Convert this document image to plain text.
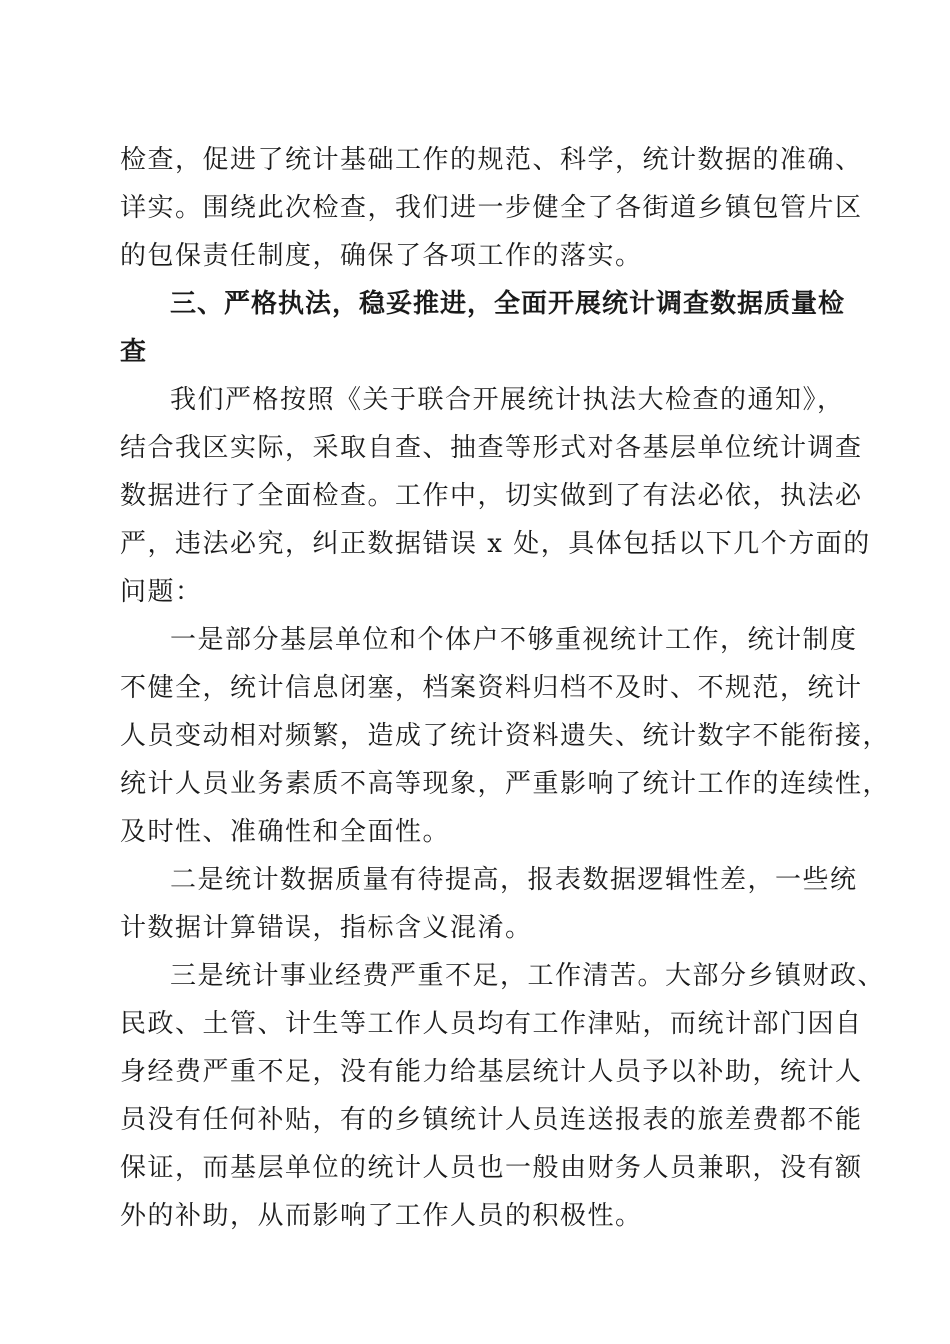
检查，促进了统计基础工作的规范、科学，统计数据的准确、
详实。围绕此次检查，我们进一步健全了各街道乡镇包管片区
的包保责任制度，确保了各项工作的落实。
三、严格执法，稳妥推进，全面开展统计调查数据质量检
查
我们严格按照《关于联合开展统计执法大检查的通知》，
结合我区实际，采取自查、抽查等形式对各基层单位统计调查
数据进行了全面检查。工作中，切实做到了有法必依，执法必
严，违法必究，纠正数据错误 x 处，具体包括以下几个方面的
问题：
一是部分基层单位和个体户不够重视统计工作，统计制度
不健全，统计信息闭塞，档案资料归档不及时、不规范，统计
人员变动相对频繁，造成了统计资料遗失、统计数字不能衔接，
统计人员业务素质不高等现象，严重影响了统计工作的连续性，
及时性、准确性和全面性。
二是统计数据质量有待提高，报表数据逻辑性差，一些统
计数据计算错误，指标含义混淆。
三是统计事业经费严重不足，工作清苦。大部分乡镇财政、
民政、土管、计生等工作人员均有工作津贴，而统计部门因自
身经费严重不足，没有能力给基层统计人员予以补助，统计人
员没有任何补贴，有的乡镇统计人员连送报表的旅差费都不能
保证，而基层单位的统计人员也一般由财务人员兼职，没有额
外的补助，从而影响了工作人员的积极性。
